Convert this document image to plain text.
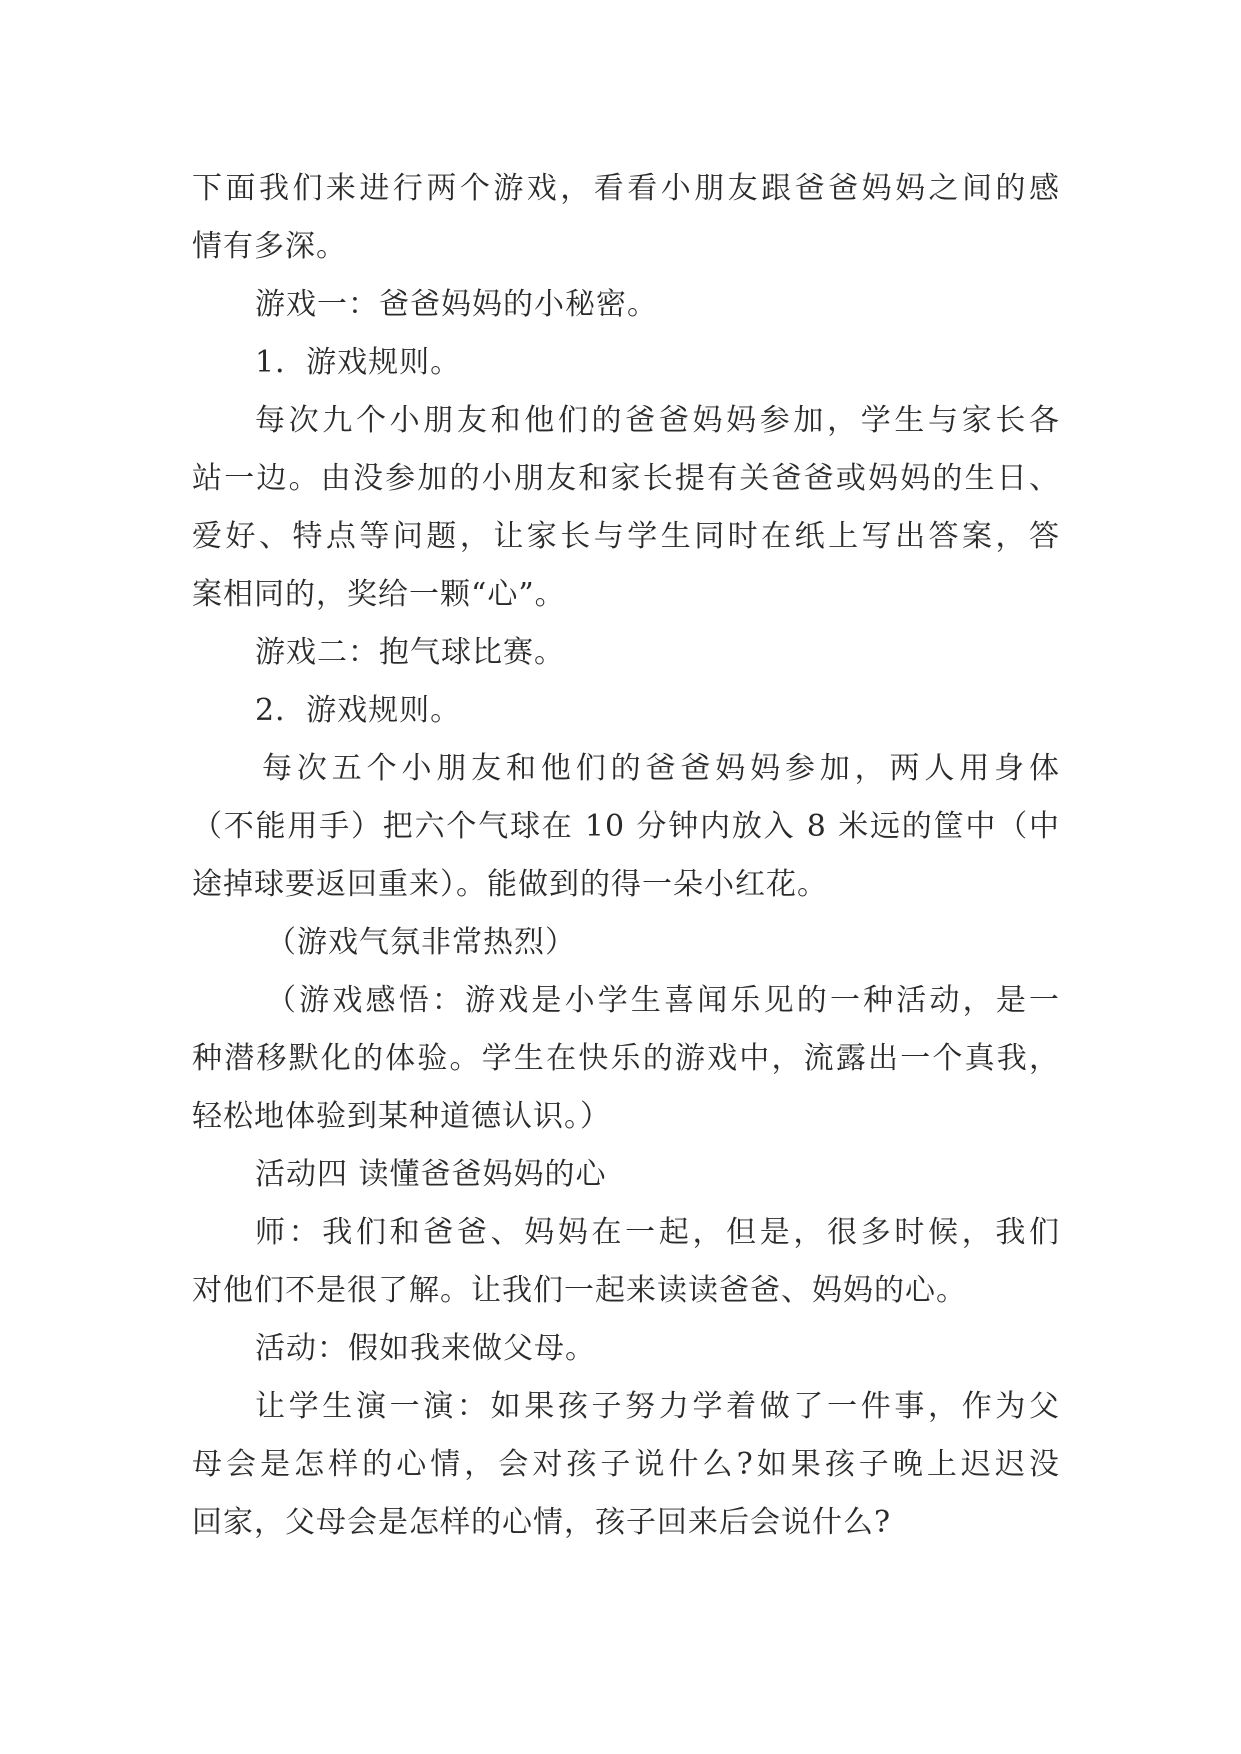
下面我们来进行两个游戏，看看小朋友跟爸爸妈妈之间的感
情有多深。
游戏一：爸爸妈妈的小秘密。
1．游戏规则。
每次九个小朋友和他们的爸爸妈妈参加，学生与家长各
站一边。由没参加的小朋友和家长提有关爸爸或妈妈的生日、
爱好、特点等问题，让家长与学生同时在纸上写出答案，答
案相同的，奖给一颗“心”。
游戏二：抱气球比赛。
2．游戏规则。
每次五个小朋友和他们的爸爸妈妈参加，两人用身体
（不能用手）把六个气球在 10 分钟内放入 8 米远的筐中（中
途掉球要返回重来）。能做到的得一朵小红花。
（游戏气氛非常热烈）
（游戏感悟：游戏是小学生喜闻乐见的一种活动，是一
种潜移默化的体验。学生在快乐的游戏中，流露出一个真我，
轻松地体验到某种道德认识。）
活动四 读懂爸爸妈妈的心
师：我们和爸爸、妈妈在一起，但是，很多时候，我们
对他们不是很了解。让我们一起来读读爸爸、妈妈的心。
活动：假如我来做父母。
让学生演一演：如果孩子努力学着做了一件事，作为父
母会是怎样的心情，会对孩子说什么?如果孩子晚上迟迟没
回家，父母会是怎样的心情，孩子回来后会说什么?
